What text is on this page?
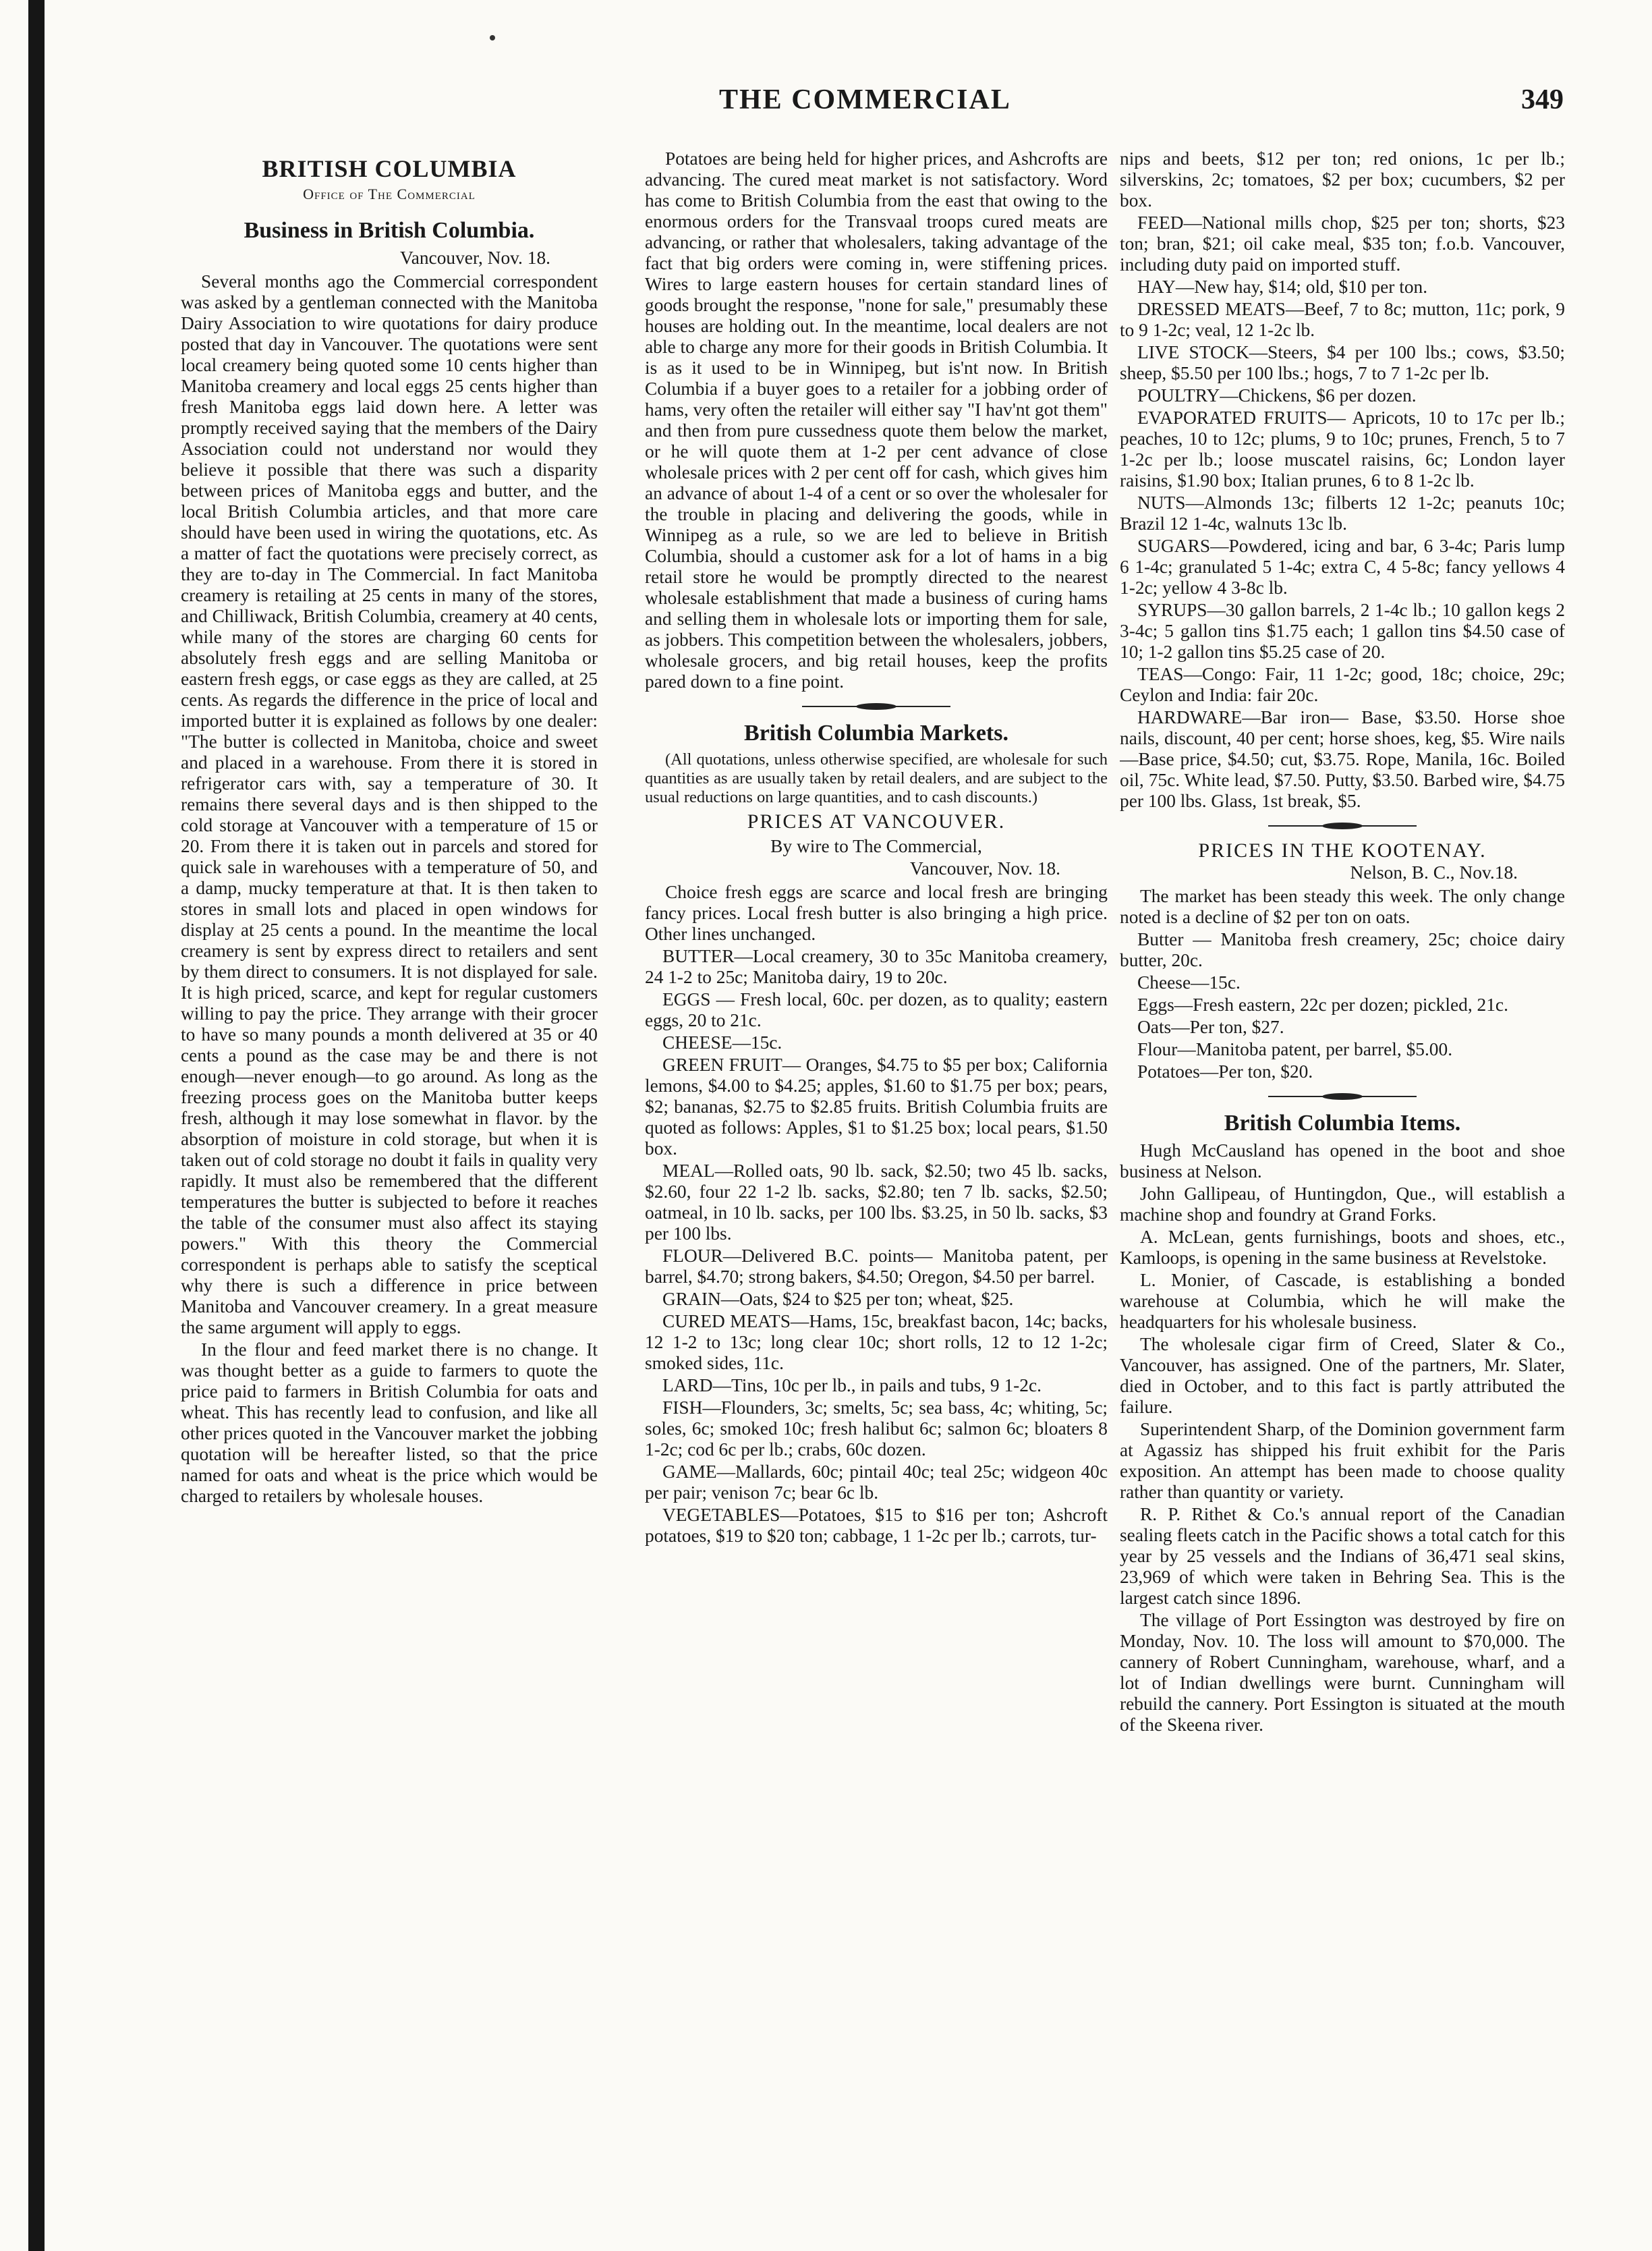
THE COMMERCIAL	349
BRITISH COLUMBIA
Office of The Commercial
Business in British Columbia.
Vancouver, Nov. 18.

Several months ago the Commercial correspondent was asked by a gentleman connected with the Manitoba Dairy Association to wire quotations for dairy produce posted that day in Vancouver. The quotations were sent local creamery being quoted some 10 cents higher than Manitoba creamery and local eggs 25 cents higher than fresh Manitoba eggs laid down here. A letter was promptly received saying that the members of the Dairy Association could not understand nor would they believe it possible that there was such a disparity between prices of Manitoba eggs and butter, and the local British Columbia articles, and that more care should have been used in wiring the quotations, etc. As a matter of fact the quotations were precisely correct, as they are to-day in The Commercial. In fact Manitoba creamery is retailing at 25 cents in many of the stores, and Chilliwack, British Columbia, creamery at 40 cents, while many of the stores are charging 60 cents for absolutely fresh eggs and are selling Manitoba or eastern fresh eggs, or case eggs as they are called, at 25 cents. As regards the difference in the price of local and imported butter it is explained as follows by one dealer: "The butter is collected in Manitoba, choice and sweet and placed in a warehouse. From there it is stored in refrigerator cars with, say a temperature of 30. It remains there several days and is then shipped to the cold storage at Vancouver with a temperature of 15 or 20. From there it is taken out in parcels and stored for quick sale in warehouses with a temperature of 50, and a damp, mucky temperature at that. It is then taken to stores in small lots and placed in open windows for display at 25 cents a pound. In the meantime the local creamery is sent by express direct to retailers and sent by them direct to consumers. It is not displayed for sale. It is high priced, scarce, and kept for regular customers willing to pay the price. They arrange with their grocer to have so many pounds a month delivered at 35 or 40 cents a pound as the case may be and there is not enough—never enough—to go around. As long as the freezing process goes on the Manitoba butter keeps fresh, although it may lose somewhat in flavor. by the absorption of moisture in cold storage, but when it is taken out of cold storage no doubt it fails in quality very rapidly. It must also be remembered that the different temperatures the butter is subjected to before it reaches the table of the consumer must also affect its staying powers." With this theory the Commercial correspondent is perhaps able to satisfy the sceptical why there is such a difference in price between Manitoba and Vancouver creamery. In a great measure the same argument will apply to eggs.

In the flour and feed market there is no change. It was thought better as a guide to farmers to quote the price paid to farmers in British Columbia for oats and wheat. This has recently lead to confusion, and like all other prices quoted in the Vancouver market the jobbing quotation will be hereafter listed, so that the price named for oats and wheat is the price which would be charged to retailers by wholesale houses.

Potatoes are being held for higher prices, and Ashcrofts are advancing. The cured meat market is not satisfactory. Word has come to British Columbia from the east that owing to the enormous orders for the Transvaal troops cured meats are advancing, or rather that wholesalers, taking advantage of the fact that big orders were coming in, were stiffening prices. Wires to large eastern houses for certain standard lines of goods brought the response, "none for sale," presumably these houses are holding out. In the meantime, local dealers are not able to charge any more for their goods in British Columbia. It is as it used to be in Winnipeg, but is'nt now. In British Columbia if a buyer goes to a retailer for a jobbing order of hams, very often the retailer will either say "I hav'nt got them" and then from pure cussedness quote them below the market, or he will quote them at 1-2 per cent advance of close wholesale prices with 2 per cent off for cash, which gives him an advance of about 1-4 of a cent or so over the wholesaler for the trouble in placing and delivering the goods, while in Winnipeg as a rule, so we are led to believe in British Columbia, should a customer ask for a lot of hams in a big retail store he would be promptly directed to the nearest wholesale establishment that made a business of curing hams and selling them in wholesale lots or importing them for sale, as jobbers. This competition between the wholesalers, jobbers, wholesale grocers, and big retail houses, keep the profits pared down to a fine point.

British Columbia Markets.

(All quotations, unless otherwise specified, are wholesale for such quantities as are usually taken by retail dealers, and are subject to the usual reductions on large quantities, and to cash discounts.)

PRICES AT VANCOUVER.

By wire to The Commercial,

Vancouver, Nov. 18.

Choice fresh eggs are scarce and local fresh are bringing fancy prices. Local fresh butter is also bringing a high price. Other lines unchanged.

BUTTER—Local creamery, 30 to 35c Manitoba creamery, 24 1-2 to 25c; Manitoba dairy, 19 to 20c.

EGGS — Fresh local, 60c. per dozen, as to quality; eastern eggs, 20 to 21c.

CHEESE—15c.

GREEN FRUIT— Oranges, $4.75 to $5 per box; California lemons, $4.00 to $4.25; apples, $1.60 to $1.75 per box; pears, $2; bananas, $2.75 to $2.85 fruits. British Columbia fruits are quoted as follows: Apples, $1 to $1.25 box; local pears, $1.50 box.

MEAL—Rolled oats, 90 lb. sack, $2.50; two 45 lb. sacks, $2.60, four 22 1-2 lb. sacks, $2.80; ten 7 lb. sacks, $2.50; oatmeal, in 10 lb. sacks, per 100 lbs. $3.25, in 50 lb. sacks, $3 per 100 lbs.

FLOUR—Delivered B.C. points— Manitoba patent, per barrel, $4.70; strong bakers, $4.50; Oregon, $4.50 per barrel.

GRAIN—Oats, $24 to $25 per ton; wheat, $25.

CURED MEATS—Hams, 15c, breakfast bacon, 14c; backs, 12 1-2 to 13c; long clear 10c; short rolls, 12 to 12 1-2c; smoked sides, 11c.

LARD—Tins, 10c per lb., in pails and tubs, 9 1-2c.

FISH—Flounders, 3c; smelts, 5c; sea bass, 4c; whiting, 5c; soles, 6c; smoked 10c; fresh halibut 6c; salmon 6c; bloaters 8 1-2c; cod 6c per lb.; crabs, 60c dozen.

GAME—Mallards, 60c; pintail 40c; teal 25c; widgeon 40c per pair; venison 7c; bear 6c lb.

VEGETABLES—Potatoes, $15 to $16 per ton; Ashcroft potatoes, $19 to $20 ton; cabbage, 1 1-2c per lb.; carrots, tur-

nips and beets, $12 per ton; red onions, 1c per lb.; silverskins, 2c; tomatoes, $2 per box; cucumbers, $2 per box.

FEED—National mills chop, $25 per ton; shorts, $23 ton; bran, $21; oil cake meal, $35 ton; f.o.b. Vancouver, including duty paid on imported stuff.

HAY—New hay, $14; old, $10 per ton.

DRESSED MEATS—Beef, 7 to 8c; mutton, 11c; pork, 9 to 9 1-2c; veal, 12 1-2c lb.

LIVE STOCK—Steers, $4 per 100 lbs.; cows, $3.50; sheep, $5.50 per 100 lbs.; hogs, 7 to 7 1-2c per lb.

POULTRY—Chickens, $6 per dozen.

EVAPORATED FRUITS— Apricots, 10 to 17c per lb.; peaches, 10 to 12c; plums, 9 to 10c; prunes, French, 5 to 7 1-2c per lb.; loose muscatel raisins, 6c; London layer raisins, $1.90 box; Italian prunes, 6 to 8 1-2c lb.

NUTS—Almonds 13c; filberts 12 1-2c; peanuts 10c; Brazil 12 1-4c, walnuts 13c lb.

SUGARS—Powdered, icing and bar, 6 3-4c; Paris lump 6 1-4c; granulated 5 1-4c; extra C, 4 5-8c; fancy yellows 4 1-2c; yellow 4 3-8c lb.

SYRUPS—30 gallon barrels, 2 1-4c lb.; 10 gallon kegs 2 3-4c; 5 gallon tins $1.75 each; 1 gallon tins $4.50 case of 10; 1-2 gallon tins $5.25 case of 20.

TEAS—Congo: Fair, 11 1-2c; good, 18c; choice, 29c; Ceylon and India: fair 20c.

HARDWARE—Bar iron— Base, $3.50. Horse shoe nails, discount, 40 per cent; horse shoes, keg, $5. Wire nails—Base price, $4.50; cut, $3.75. Rope, Manila, 16c. Boiled oil, 75c. White lead, $7.50. Putty, $3.50. Barbed wire, $4.75 per 100 lbs. Glass, 1st break, $5.

PRICES IN THE KOOTENAY.
Nelson, B. C., Nov.18.

The market has been steady this week. The only change noted is a decline of $2 per ton on oats.

Butter — Manitoba fresh creamery, 25c; choice dairy butter, 20c.

Cheese—15c.

Eggs—Fresh eastern, 22c per dozen; pickled, 21c.

Oats—Per ton, $27.

Flour—Manitoba patent, per barrel, $5.00.

Potatoes—Per ton, $20.

British Columbia Items.

Hugh McCausland has opened in the boot and shoe business at Nelson.

John Gallipeau, of Huntingdon, Que., will establish a machine shop and foundry at Grand Forks.

A. McLean, gents furnishings, boots and shoes, etc., Kamloops, is opening in the same business at Revelstoke.

L. Monier, of Cascade, is establishing a bonded warehouse at Columbia, which he will make the headquarters for his wholesale business.

The wholesale cigar firm of Creed, Slater & Co., Vancouver, has assigned. One of the partners, Mr. Slater, died in October, and to this fact is partly attributed the failure.

Superintendent Sharp, of the Dominion government farm at Agassiz has shipped his fruit exhibit for the Paris exposition. An attempt has been made to choose quality rather than quantity or variety.

R. P. Rithet & Co.'s annual report of the Canadian sealing fleets catch in the Pacific shows a total catch for this year by 25 vessels and the Indians of 36,471 seal skins, 23,969 of which were taken in Behring Sea. This is the largest catch since 1896.

The village of Port Essington was destroyed by fire on Monday, Nov. 10. The loss will amount to $70,000. The cannery of Robert Cunningham, warehouse, wharf, and a lot of Indian dwellings were burnt. Cunningham will rebuild the cannery. Port Essington is situated at the mouth of the Skeena river.
